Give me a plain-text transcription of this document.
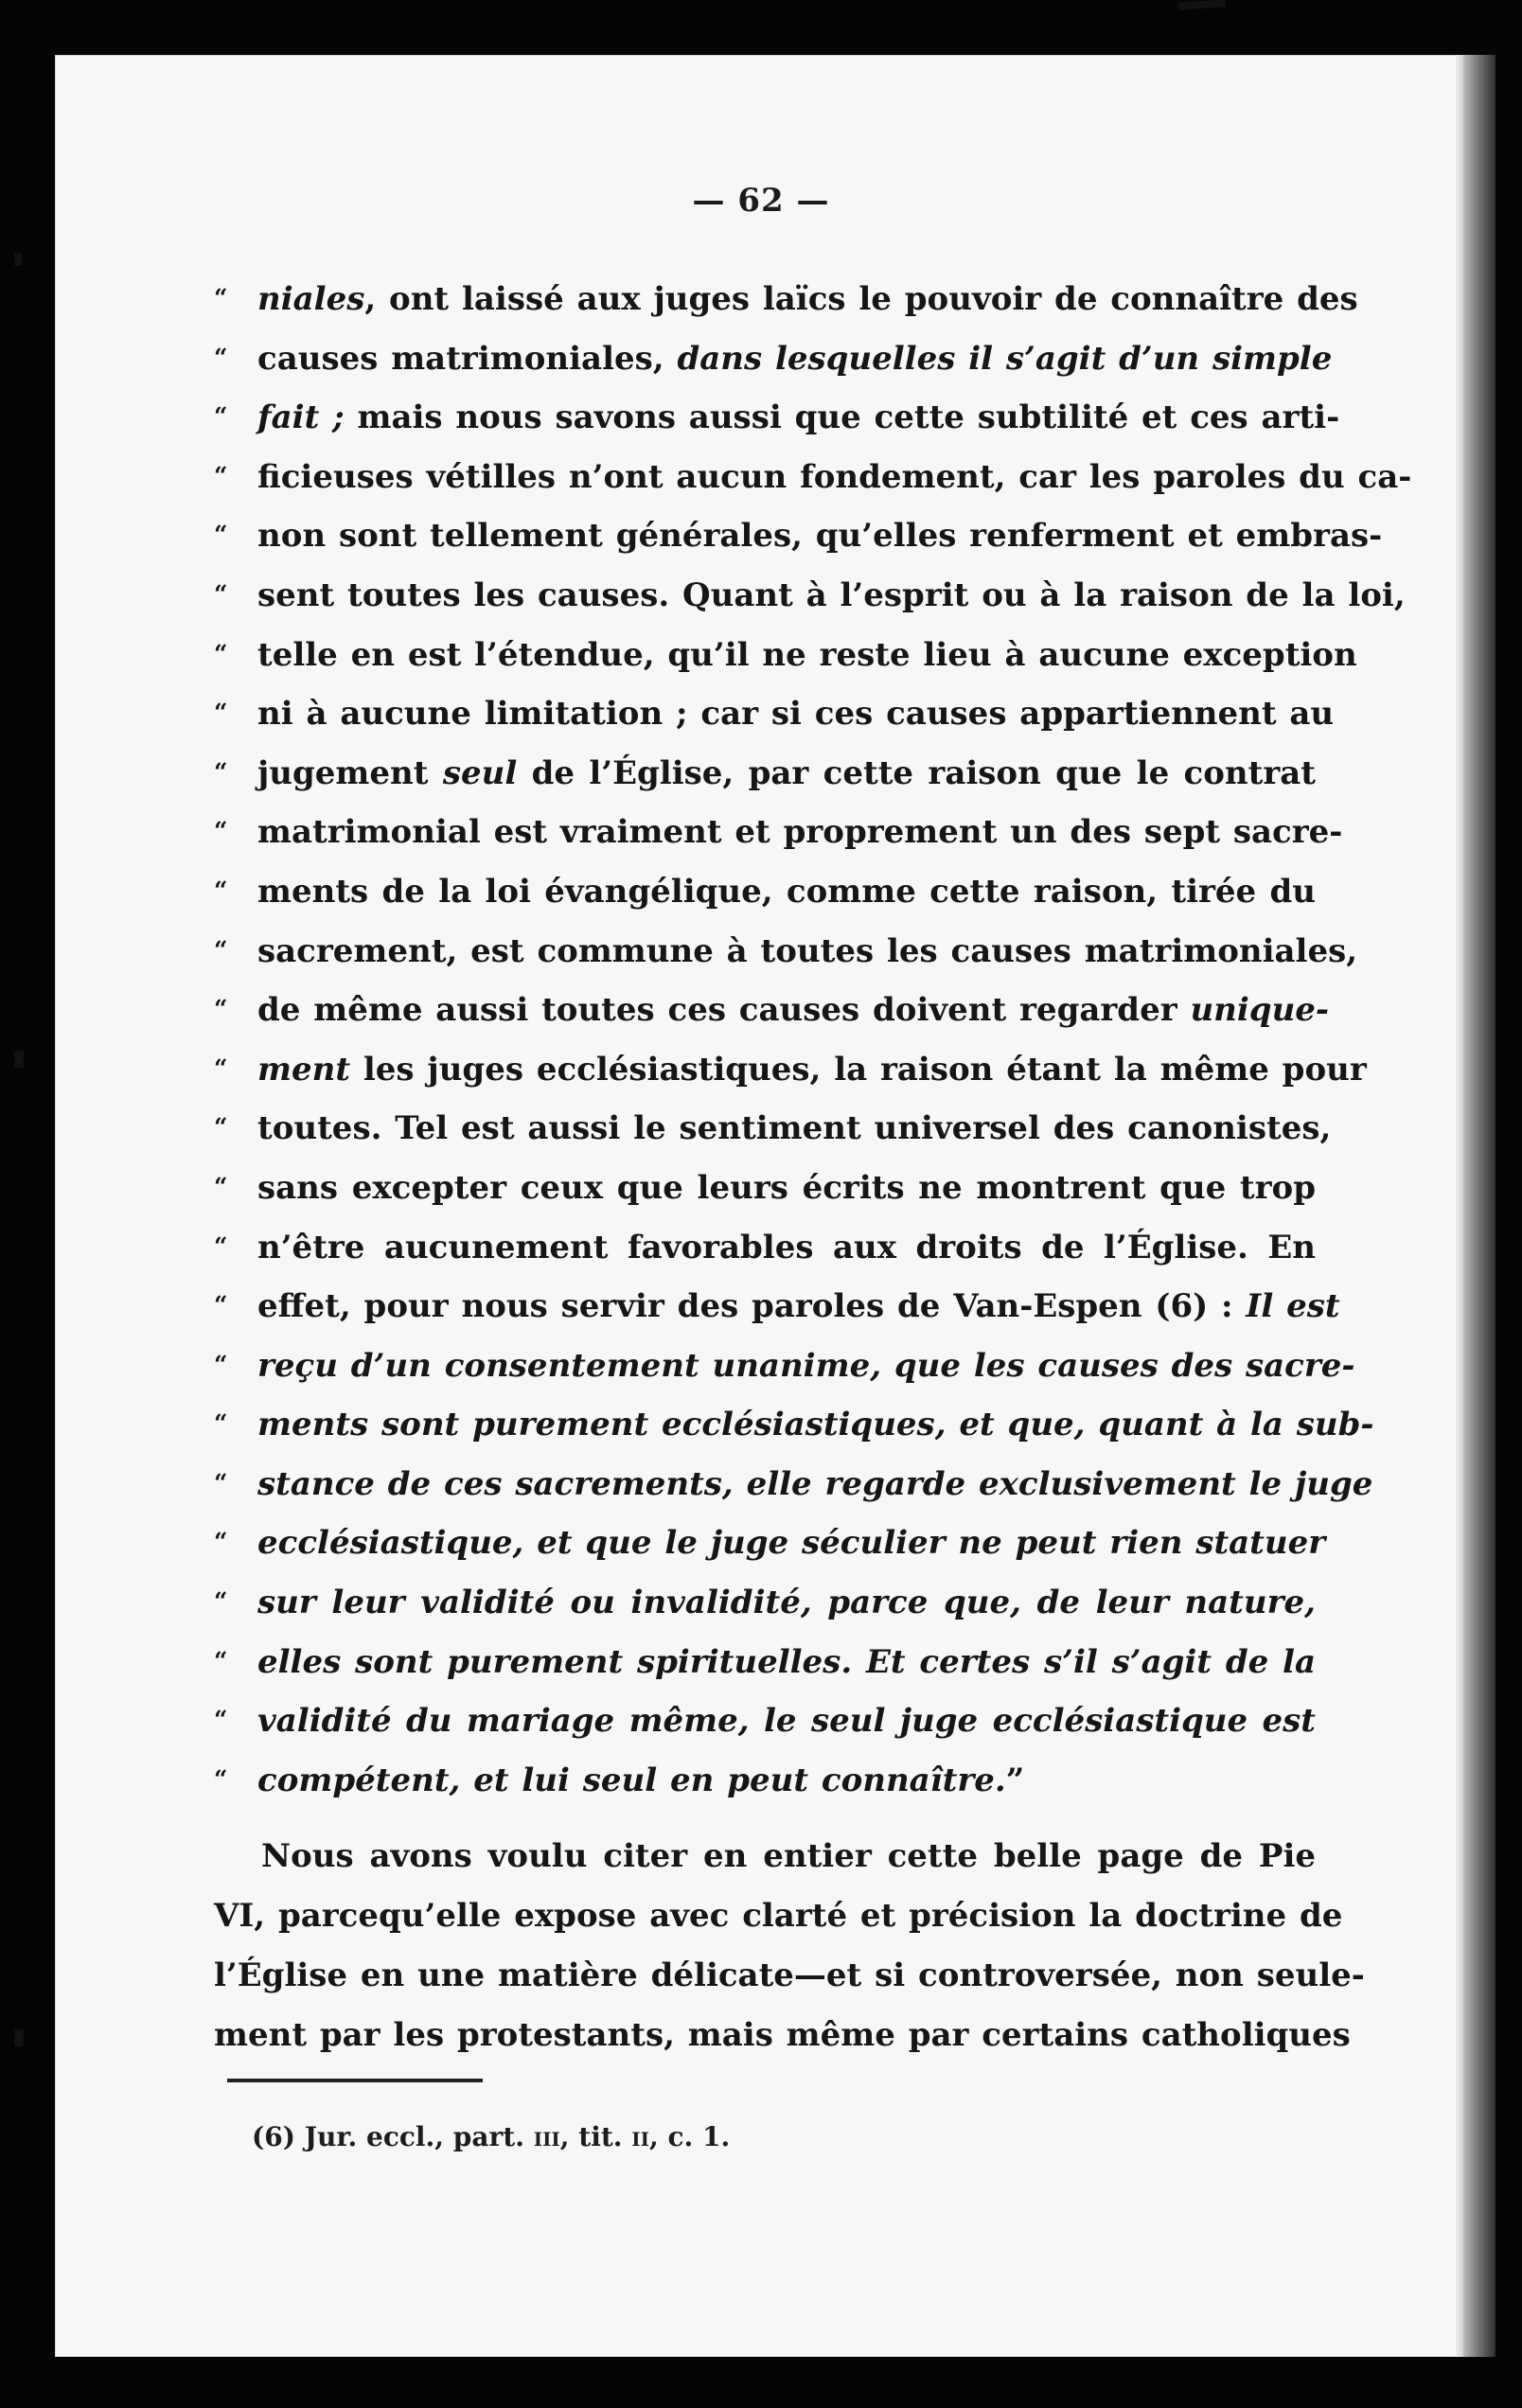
— 62 —
“ niales, ont laissé aux juges laïcs le pouvoir de connaître des
“ causes matrimoniales, dans lesquelles il s’agit d’un simple
“ fait ; mais nous savons aussi que cette subtilité et ces arti-
“ ficieuses vétilles n’ont aucun fondement, car les paroles du ca-
“ non sont tellement générales, qu’elles renferment et embras-
“ sent toutes les causes. Quant à l’esprit ou à la raison de la loi,
“ telle en est l’étendue, qu’il ne reste lieu à aucune exception
“ ni à aucune limitation ; car si ces causes appartiennent au
“ jugement seul de l’Église, par cette raison que le contrat
“ matrimonial est vraiment et proprement un des sept sacre-
“ ments de la loi évangélique, comme cette raison, tirée du
“ sacrement, est commune à toutes les causes matrimoniales,
“ de même aussi toutes ces causes doivent regarder unique-
“ ment les juges ecclésiastiques, la raison étant la même pour
“ toutes. Tel est aussi le sentiment universel des canonistes,
“ sans excepter ceux que leurs écrits ne montrent que trop
“ n’être aucunement favorables aux droits de l’Église. En
“ effet, pour nous servir des paroles de Van-Espen (6) : Il est
“ reçu d’un consentement unanime, que les causes des sacre-
“ ments sont purement ecclésiastiques, et que, quant à la sub-
“ stance de ces sacrements, elle regarde exclusivement le juge
“ ecclésiastique, et que le juge séculier ne peut rien statuer
“ sur leur validité ou invalidité, parce que, de leur nature,
“ elles sont purement spirituelles. Et certes s’il s’agit de la
“ validité du mariage même, le seul juge ecclésiastique est
“ compétent, et lui seul en peut connaître.”
Nous avons voulu citer en entier cette belle page de Pie
VI, parcequ’elle expose avec clarté et précision la doctrine de
l’Église en une matière délicate—et si controversée, non seule-
ment par les protestants, mais même par certains catholiques
(6) Jur. eccl., part. iii, tit. ii, c. 1.
